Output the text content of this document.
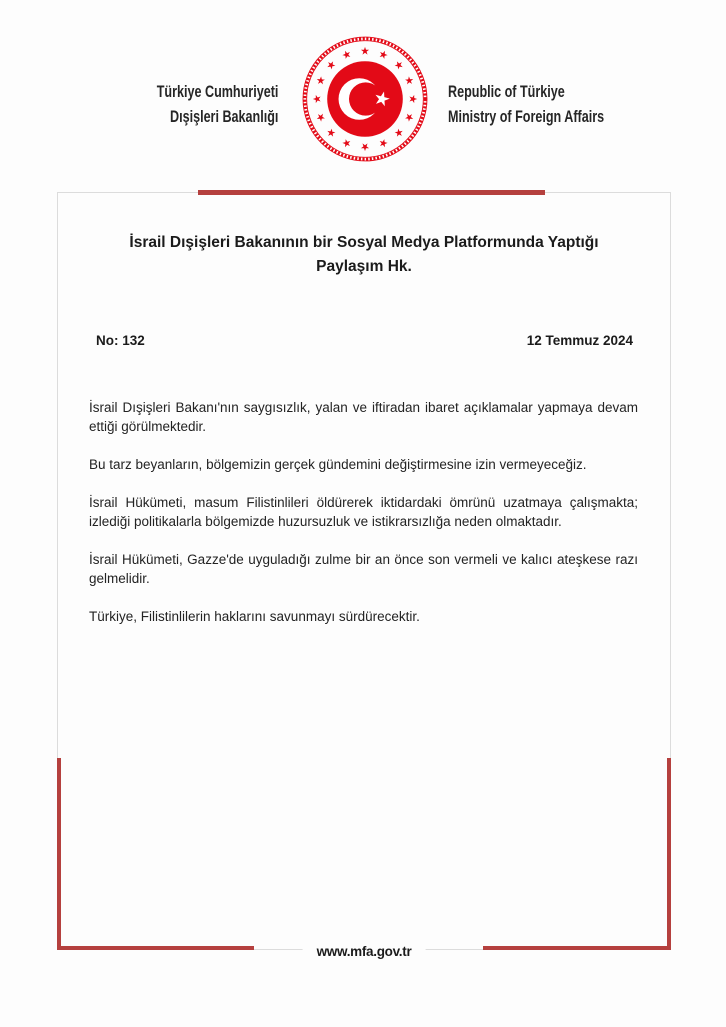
Türkiye Cumhuriyeti
Dışişleri Bakanlığı
Republic of Türkiye
Ministry of Foreign Affairs
İsrail Dışişleri Bakanının bir Sosyal Medya Platformunda Yaptığı
Paylaşım Hk.
No: 132	12 Temmuz 2024

İsrail Dışişleri Bakanı'nın saygısızlık, yalan ve iftiradan ibaret açıklamalar yapmaya devam ettiği görülmektedir.

Bu tarz beyanların, bölgemizin gerçek gündemini değiştirmesine izin vermeyeceğiz.

İsrail Hükümeti, masum Filistinlileri öldürerek iktidardaki ömrünü uzatmaya çalışmakta; izlediği politikalarla bölgemizde huzursuzluk ve istikrarsızlığa neden olmaktadır.

İsrail Hükümeti, Gazze'de uyguladığı zulme bir an önce son vermeli ve kalıcı ateşkese razı gelmelidir.

Türkiye, Filistinlilerin haklarını savunmayı sürdürecektir.

www.mfa.gov.tr
